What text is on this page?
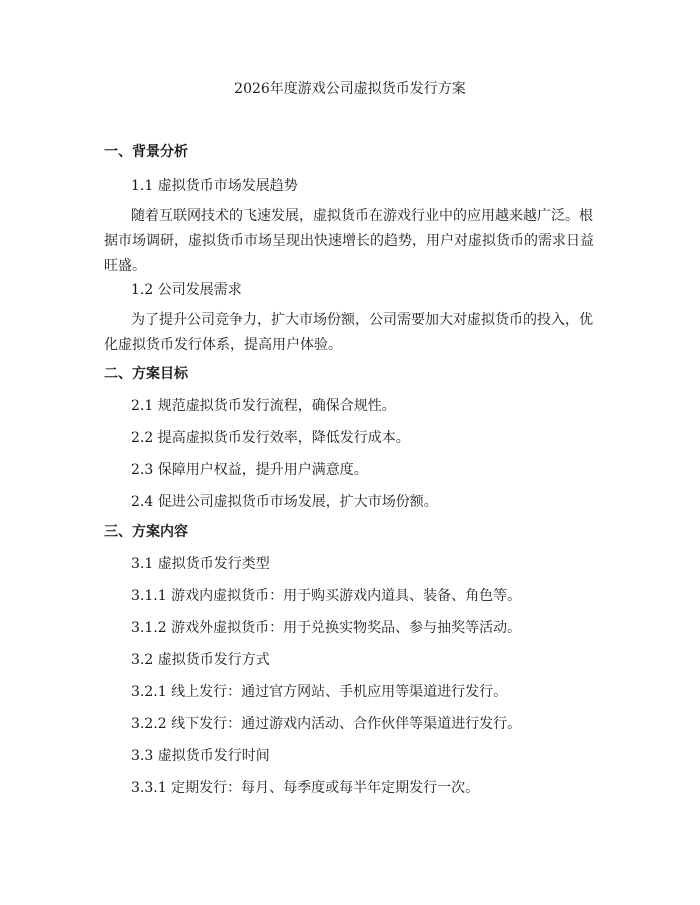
2026年度游戏公司虚拟货币发行方案
一、背景分析
1.1 虚拟货币市场发展趋势
随着互联网技术的飞速发展，虚拟货币在游戏行业中的应用越来越广泛。根据市场调研，虚拟货币市场呈现出快速增长的趋势，用户对虚拟货币的需求日益旺盛。
1.2 公司发展需求
为了提升公司竞争力，扩大市场份额，公司需要加大对虚拟货币的投入，优化虚拟货币发行体系，提高用户体验。
二、方案目标
2.1 规范虚拟货币发行流程，确保合规性。
2.2 提高虚拟货币发行效率，降低发行成本。
2.3 保障用户权益，提升用户满意度。
2.4 促进公司虚拟货币市场发展，扩大市场份额。
三、方案内容
3.1 虚拟货币发行类型
3.1.1 游戏内虚拟货币：用于购买游戏内道具、装备、角色等。
3.1.2 游戏外虚拟货币：用于兑换实物奖品、参与抽奖等活动。
3.2 虚拟货币发行方式
3.2.1 线上发行：通过官方网站、手机应用等渠道进行发行。
3.2.2 线下发行：通过游戏内活动、合作伙伴等渠道进行发行。
3.3 虚拟货币发行时间
3.3.1 定期发行：每月、每季度或每半年定期发行一次。
